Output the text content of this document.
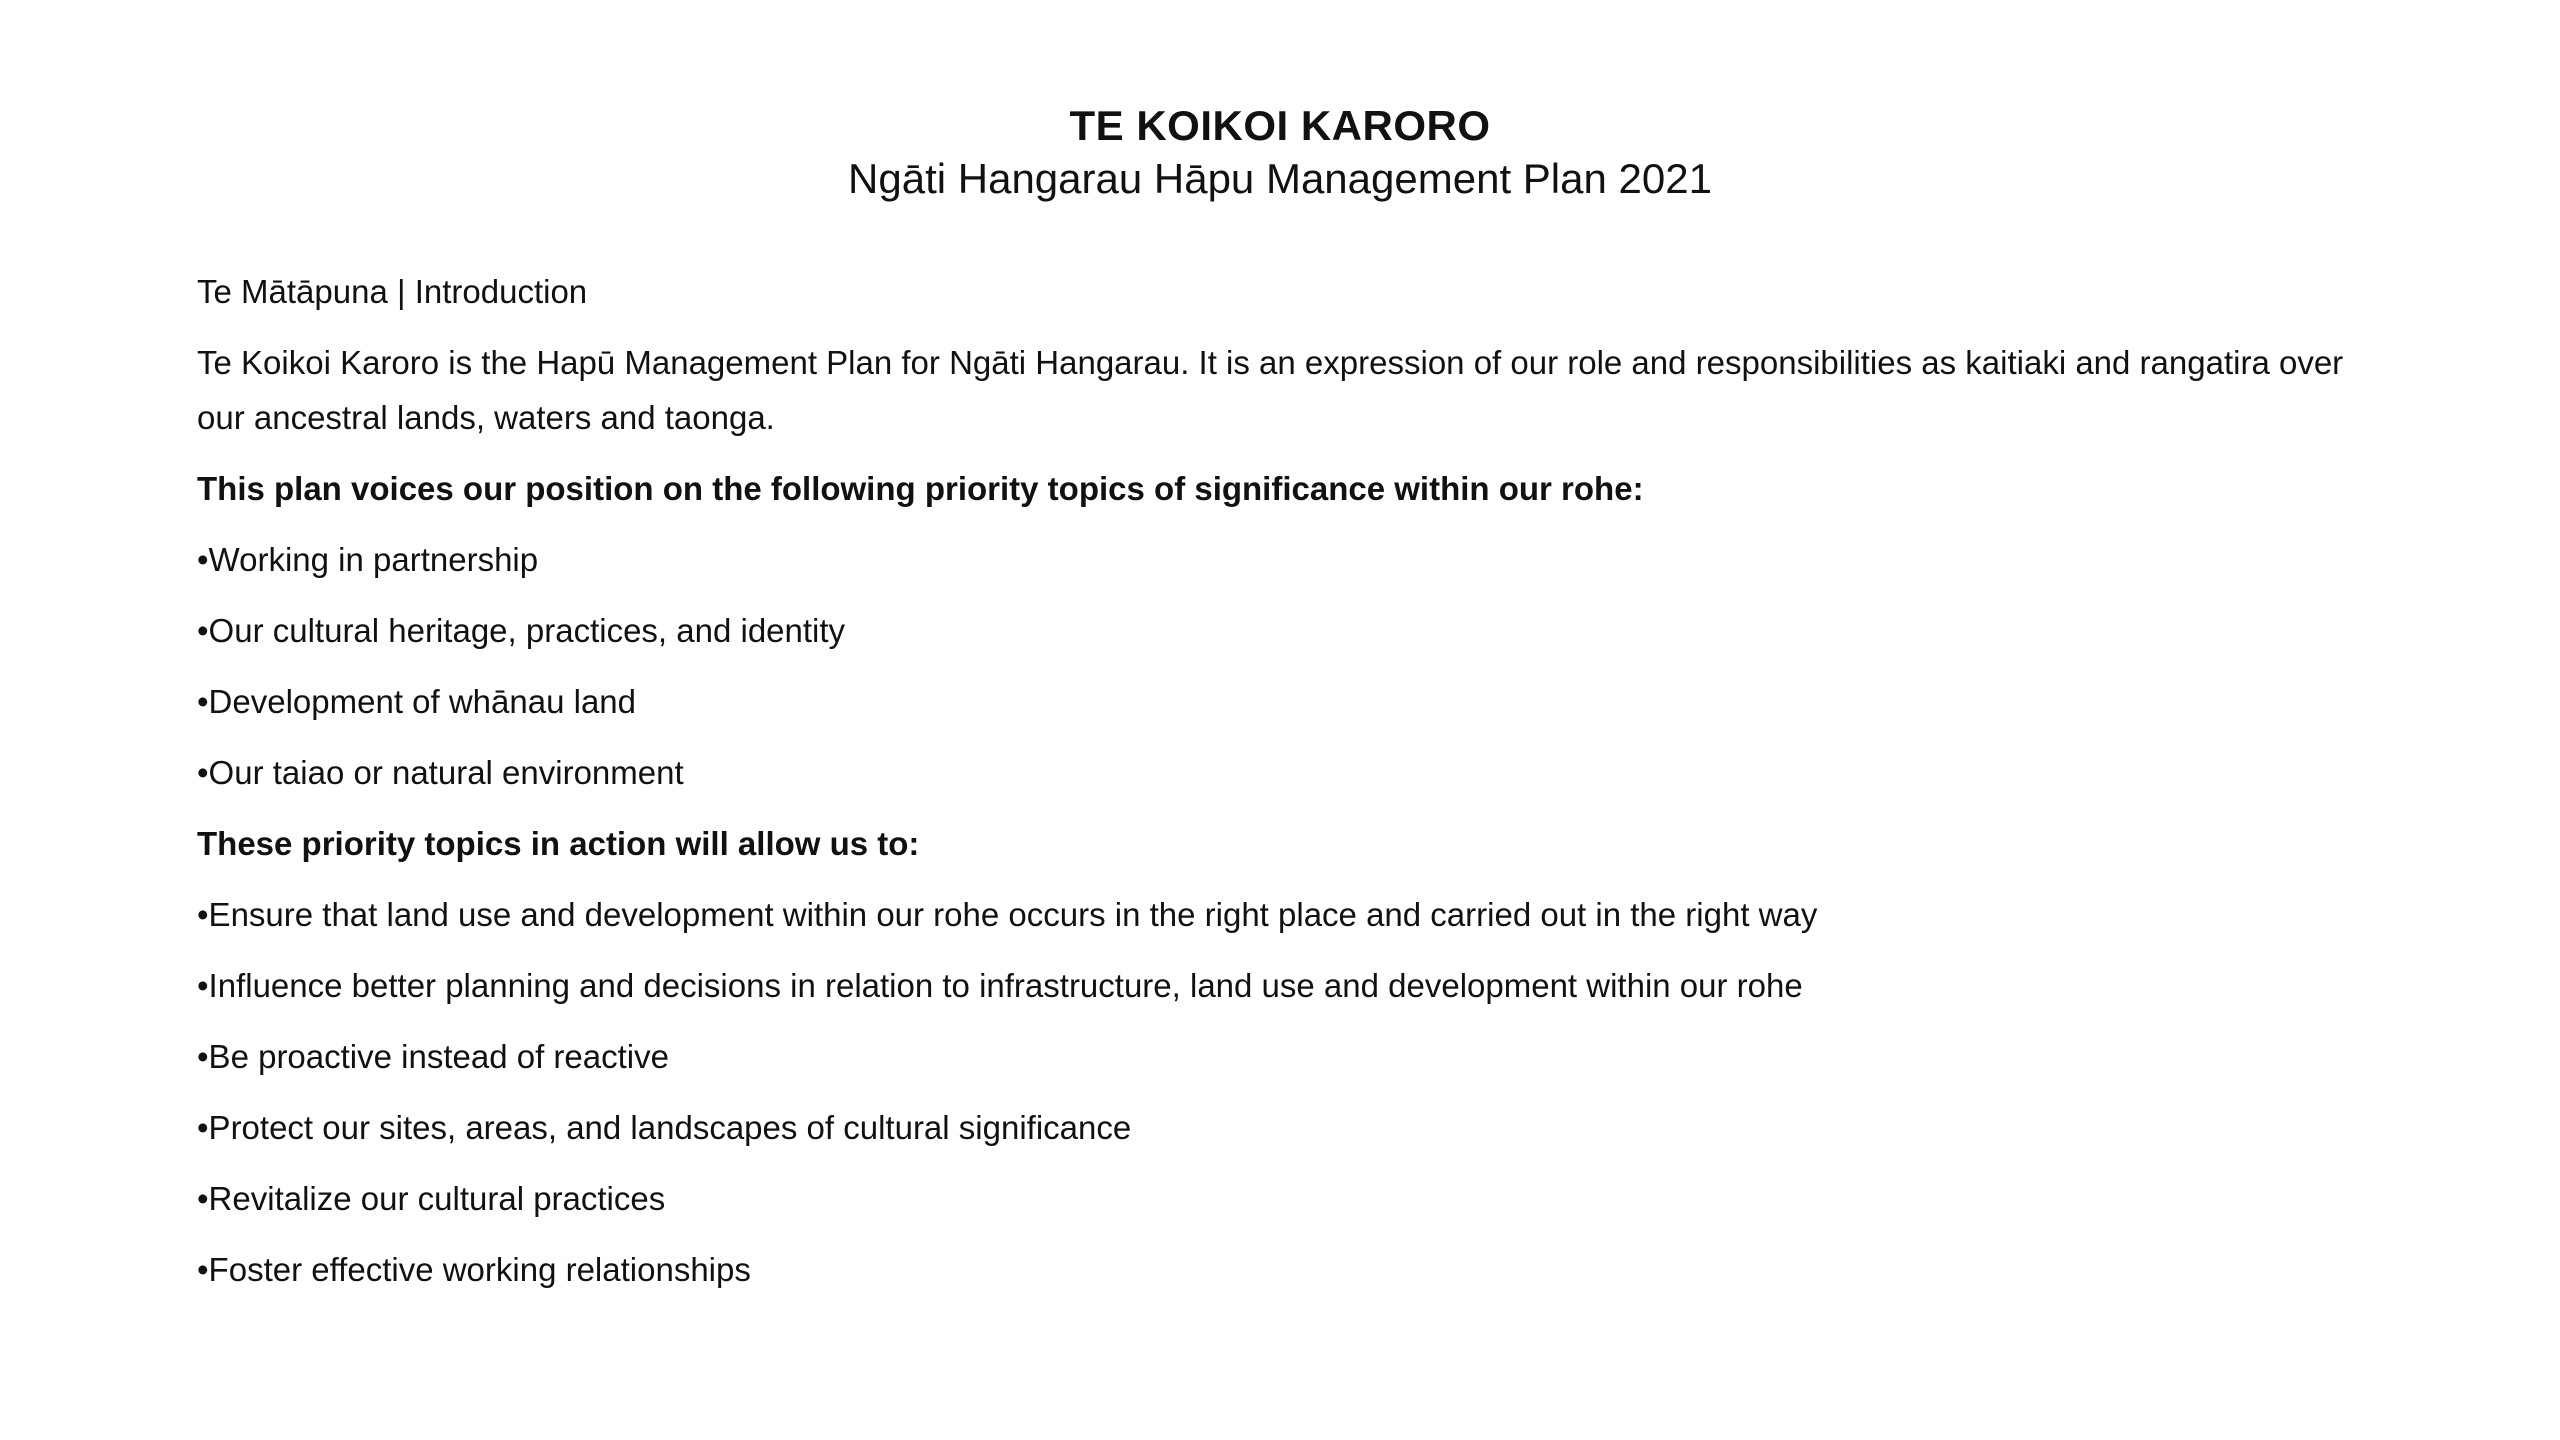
TE KOIKOI KARORO
Ngāti Hangarau Hāpu Management Plan 2021
Te Mātāpuna | Introduction
Te Koikoi Karoro is the Hapū Management Plan for Ngāti Hangarau. It is an expression of our role and responsibilities as kaitiaki and rangatira over
our ancestral lands, waters and taonga.
This plan voices our position on the following priority topics of significance within our rohe:
•Working in partnership
•Our cultural heritage, practices, and identity
•Development of whānau land
•Our taiao or natural environment
These priority topics in action will allow us to:
•Ensure that land use and development within our rohe occurs in the right place and carried out in the right way
•Influence better planning and decisions in relation to infrastructure, land use and development within our rohe
•Be proactive instead of reactive
•Protect our sites, areas, and landscapes of cultural significance
•Revitalize our cultural practices
•Foster effective working relationships
